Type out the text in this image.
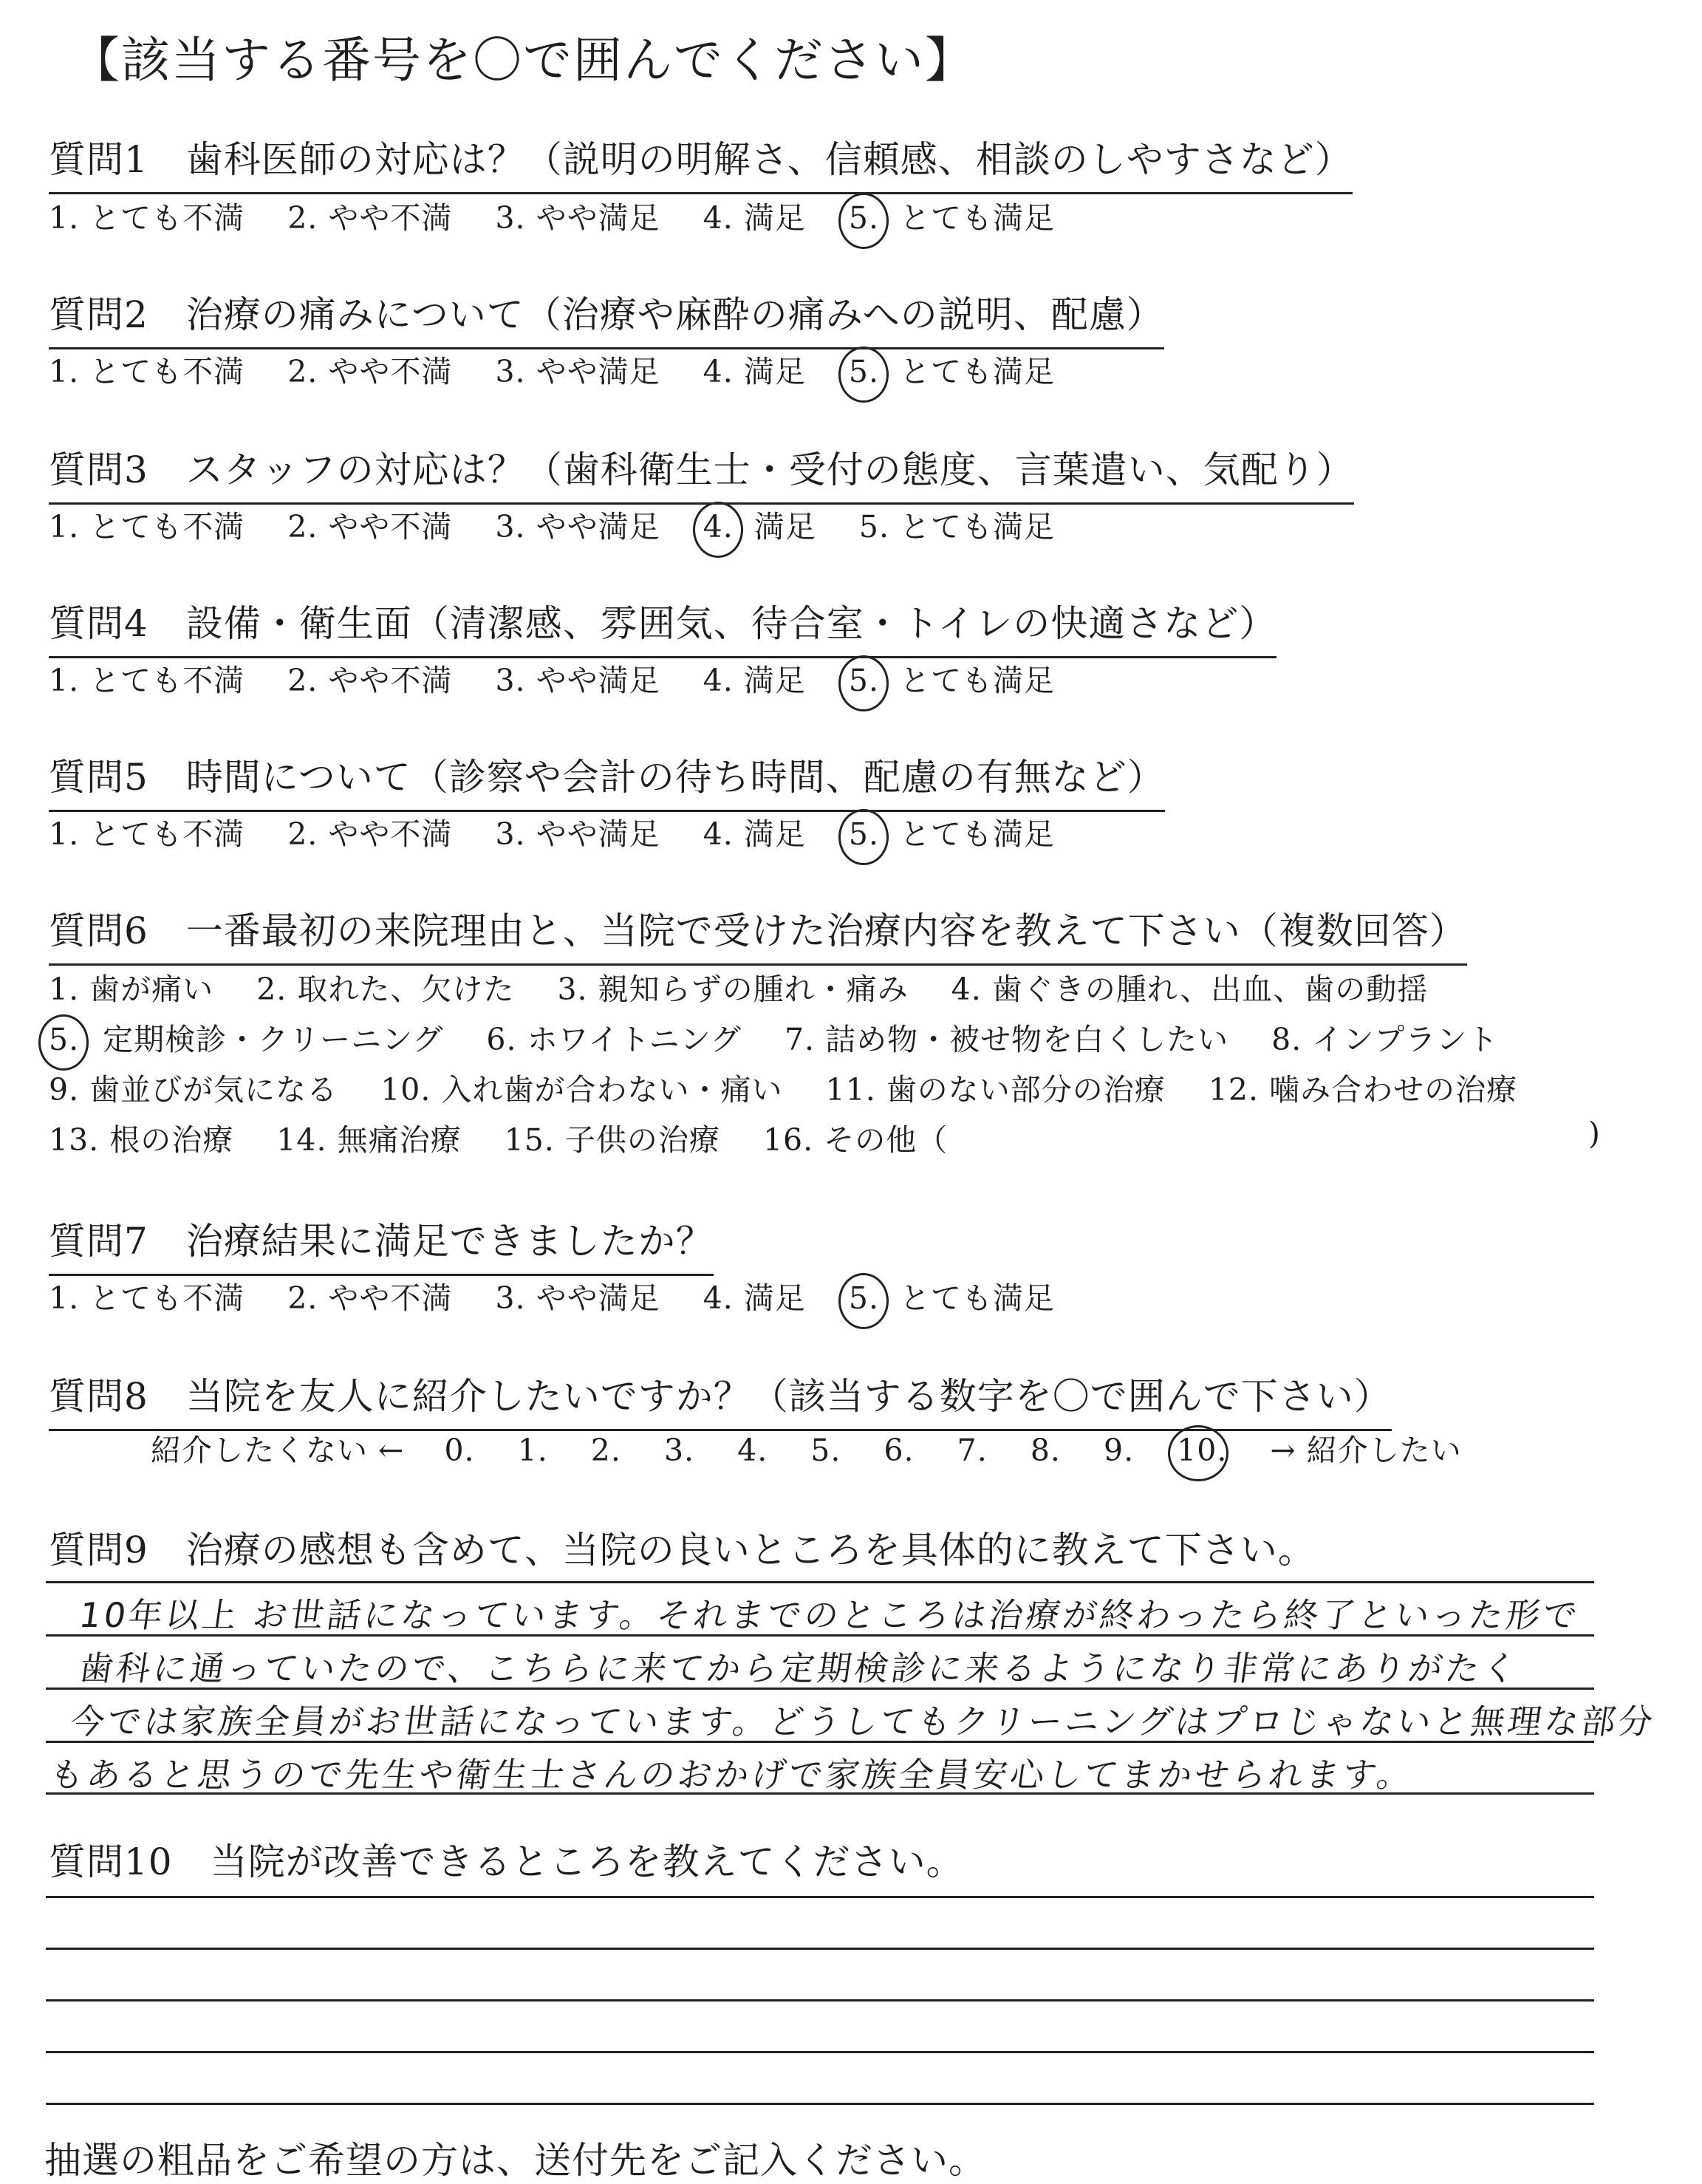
【該当する番号を〇で囲んでください】
質問1　歯科医師の対応は？（説明の明解さ、信頼感、相談のしやすさなど）
1. とても不満 2. やや不満 3. やや満足 4. 満足 5. とても満足
質問2　治療の痛みについて（治療や麻酔の痛みへの説明、配慮）
1. とても不満 2. やや不満 3. やや満足 4. 満足 5. とても満足
質問3　スタッフの対応は？（歯科衛生士・受付の態度、言葉遣い、気配り）
1. とても不満 2. やや不満 3. やや満足 4. 満足 5. とても満足
質問4　設備・衛生面（清潔感、雰囲気、待合室・トイレの快適さなど）
1. とても不満 2. やや不満 3. やや満足 4. 満足 5. とても満足
質問5　時間について（診察や会計の待ち時間、配慮の有無など）
1. とても不満 2. やや不満 3. やや満足 4. 満足 5. とても満足
質問6　一番最初の来院理由と、当院で受けた治療内容を教えて下さい（複数回答）
1. 歯が痛い 2. 取れた、欠けた 3. 親知らずの腫れ・痛み 4. 歯ぐきの腫れ、出血、歯の動揺
5. 定期検診・クリーニング 6. ホワイトニング 7. 詰め物・被せ物を白くしたい 8. インプラント
9. 歯並びが気になる 10. 入れ歯が合わない・痛い 11. 歯のない部分の治療 12. 噛み合わせの治療
13. 根の治療 14. 無痛治療 15. 子供の治療 16. その他（	)
質問7　治療結果に満足できましたか？
1. とても不満 2. やや不満 3. やや満足 4. 満足 5. とても満足
質問8　当院を友人に紹介したいですか？（該当する数字を〇で囲んで下さい）
紹介したくない ← 0. 1. 2. 3. 4. 5. 6. 7. 8. 9. 10. → 紹介したい
質問9　治療の感想も含めて、当院の良いところを具体的に教えて下さい。
10年以上 お世話になっています。それまでのところは治療が終わったら終了といった形で
歯科に通っていたので、こちらに来てから定期検診に来るようになり非常にありがたく
今では家族全員がお世話になっています。どうしてもクリーニングはプロじゃないと無理な部分
もあると思うので先生や衛生士さんのおかげで家族全員安心してまかせられます。
質問10　当院が改善できるところを教えてください。
抽選の粗品をご希望の方は、送付先をご記入ください。
